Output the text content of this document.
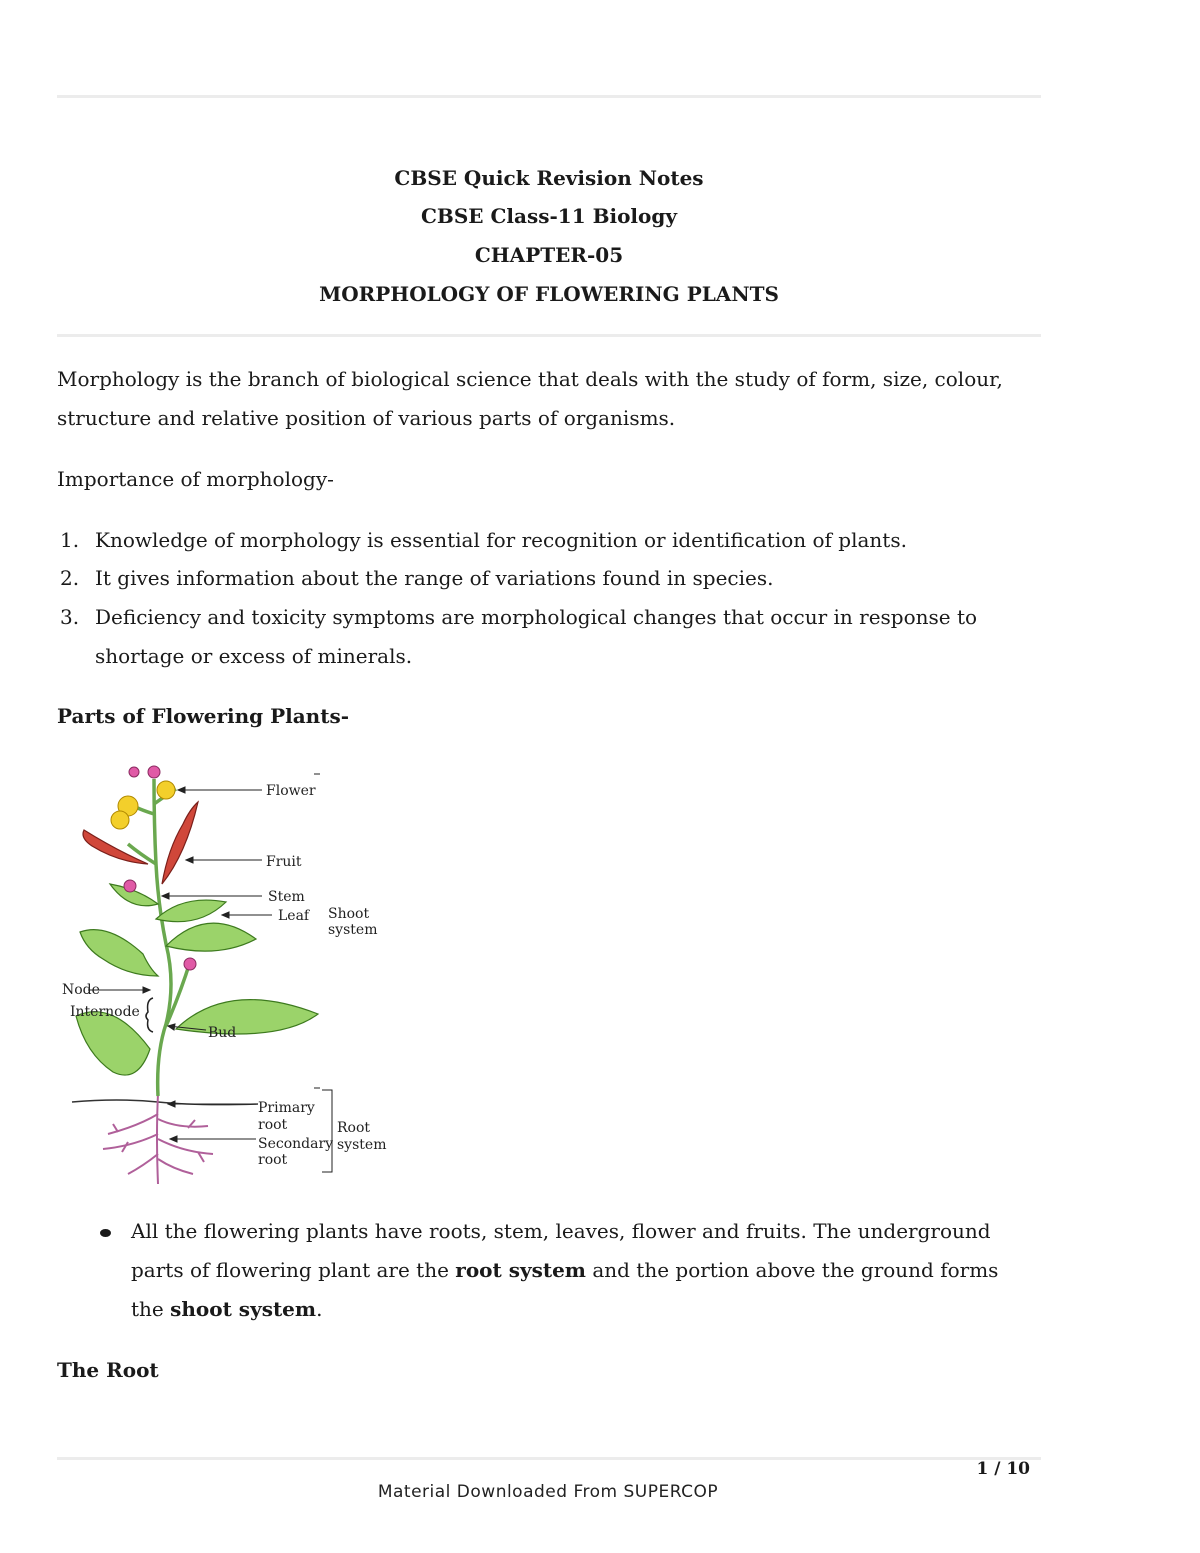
CBSE Quick Revision Notes
CBSE Class-11 Biology
CHAPTER-05
MORPHOLOGY OF FLOWERING PLANTS
Morphology is the branch of biological science that deals with the study of form, size, colour,
structure and relative position of various parts of organisms.
Importance of morphology-
1. Knowledge of morphology is essential for recognition or identification of plants.
2. It gives information about the range of variations found in species.
3. Deficiency and toxicity symptoms are morphological changes that occur in response to
shortage or excess of minerals.
Parts of Flowering Plants-
Flower
Fruit
Stem
Leaf Shoot
system
Node
Internode
Bud
Primary
root
Secondary
root
Root
system
All the flowering plants have roots, stem, leaves, flower and fruits. The underground
parts of flowering plant are the root system and the portion above the ground forms
the shoot system.
The Root
1 / 10
Material Downloaded From SUPERCOP
